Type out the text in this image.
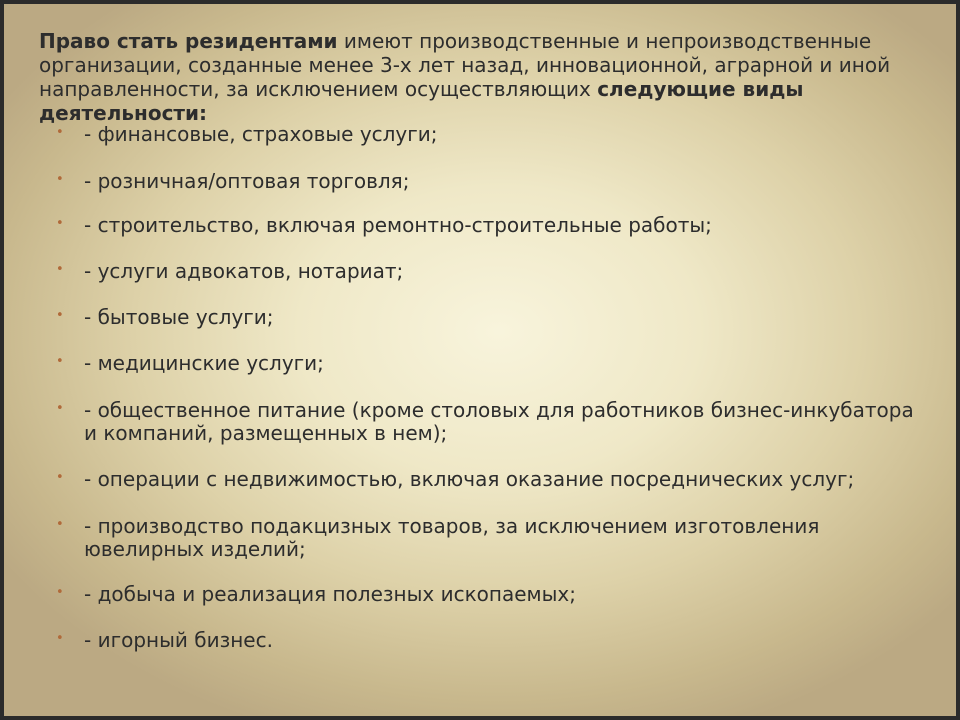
Право стать резидентами имеют производственные и непроизводственные организации, созданные менее 3-х лет назад, инновационной, аграрной и иной направленности, за исключением осуществляющих следующие виды деятельности:

• - финансовые, страховые услуги;
• - розничная/оптовая торговля;
• - строительство, включая ремонтно-строительные работы;
• - услуги адвокатов, нотариат;
• - бытовые услуги;
• - медицинские услуги;
• - общественное питание (кроме столовых для работников бизнес-инкубатора и компаний, размещенных в нем);
• - операции с недвижимостью, включая оказание посреднических услуг;
• - производство подакцизных товаров, за исключением изготовления ювелирных изделий;
• - добыча и реализация полезных ископаемых;
• - игорный бизнес.
